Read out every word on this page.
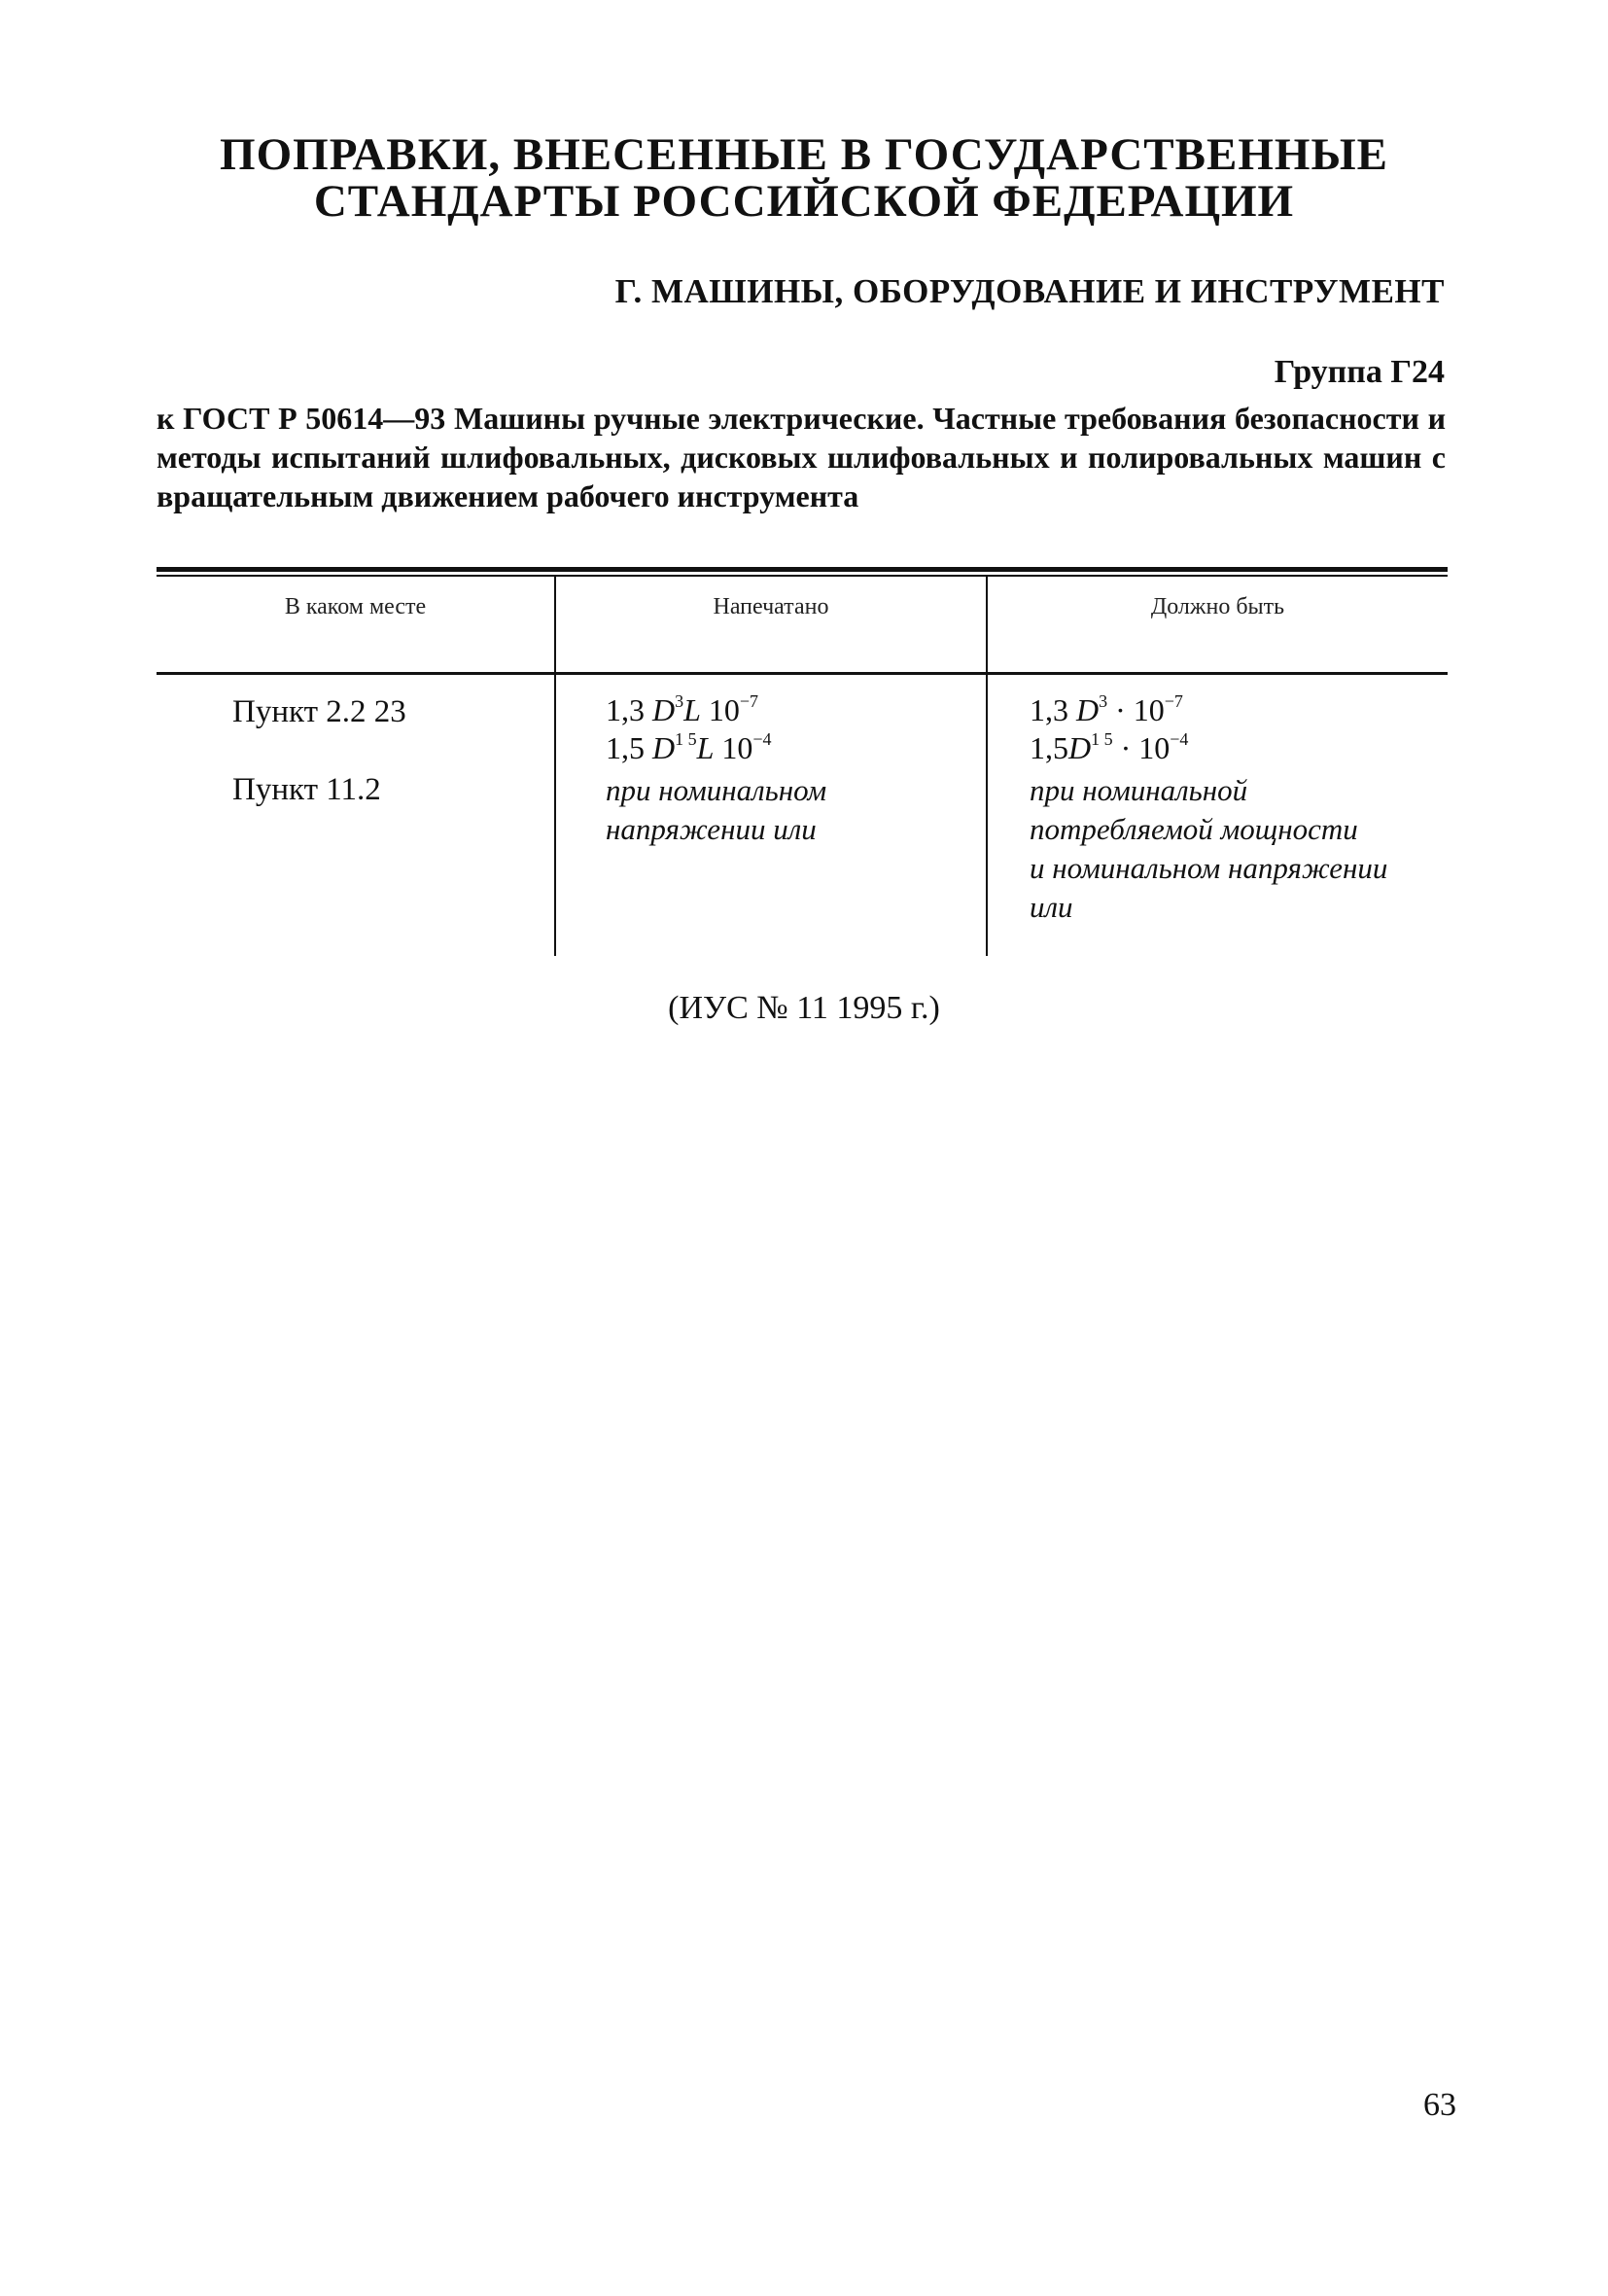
ПОПРАВКИ, ВНЕСЕННЫЕ В ГОСУДАРСТВЕННЫЕ
СТАНДАРТЫ РОССИЙСКОЙ ФЕДЕРАЦИИ
Г. МАШИНЫ, ОБОРУДОВАНИЕ И ИНСТРУМЕНТ
Группа Г24
к ГОСТ Р 50614—93 Машины ручные электрические. Частные требования безопасности и методы испытаний шлифовальных, дисковых шлифовальных и полировальных машин с вращательным движением рабочего инструмента
В каком месте	Напечатано	Должно быть
Пункт 2.2 23
Пункт 11.2
1,3 $D^3L$ $10^{-7}$
1,5 $D^{1 5}L$ $10^{-4}$
1,3 $D^3 \cdot 10^{-7}$
$1,5D^{1 5} \cdot 10^{-4}$
при номинальном
напряжении или
при номинальной
потребляемой мощности
и номинальном напряжении
или
(ИУС № 11 1995 г.)
63
